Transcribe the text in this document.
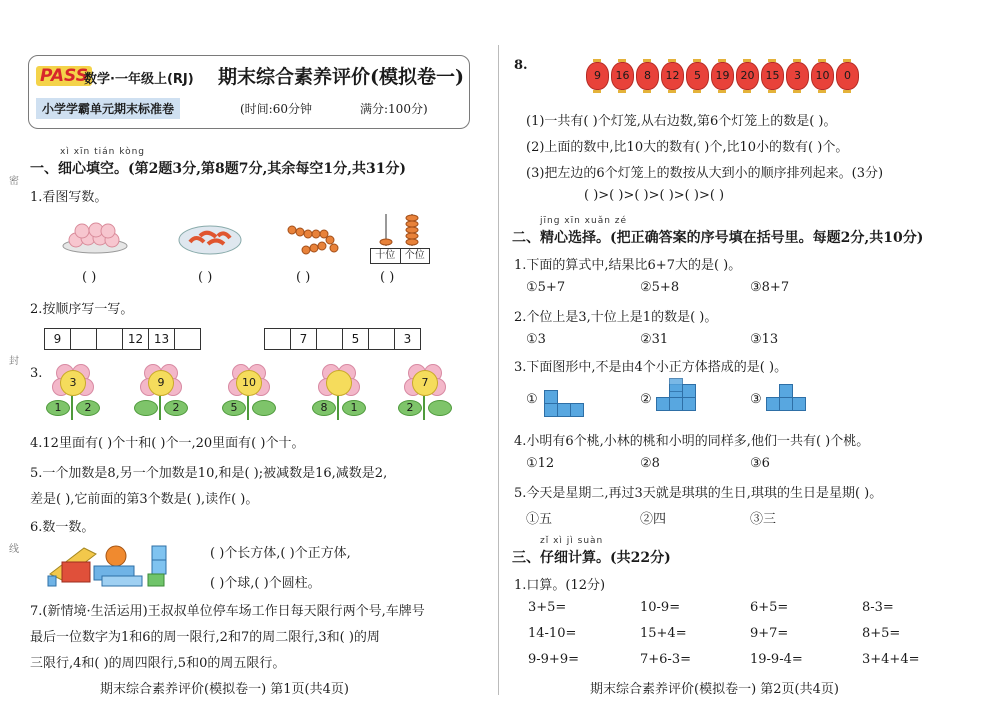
PASS
数学·一年级上(RJ) 期末综合素养评价(模拟卷一)
小学学霸单元期末标准卷	(时间:60分钟	满分:100分)
密
封
线
xì xīn tián kòng
一、细心填空。(第2题3分,第8题7分,其余每空1分,共31分)
1.看图写数。
十位 个位
( )	( )	( )	( )
2.按顺序写一写。
9	12 13	7	5	3
3.
3
1	2
9
2
10
5	8	1
7
2
4.12里面有( )个十和( )个一,20里面有( )个十。
5.一个加数是8,另一个加数是10,和是( );被减数是16,减数是2,
差是( ),它前面的第3个数是( ),读作( )。
6.数一数。
( )个长方体,( )个正方体,
( )个球,( )个圆柱。
7.(新情境·生活运用)王叔叔单位停车场工作日每天限行两个号,车牌号
最后一位数字为1和6的周一限行,2和7的周二限行,3和( )的周
三限行,4和( )的周四限行,5和0的周五限行。
期末综合素养评价(模拟卷一) 第1页(共4页)
8.
9	16	8	12	5	19	20	15	3	10	0
(1)一共有( )个灯笼,从右边数,第6个灯笼上的数是( )。
(2)上面的数中,比10大的数有( )个,比10小的数有( )个。
(3)把左边的6个灯笼上的数按从大到小的顺序排列起来。(3分)
( )>( )>( )>( )>( )>( )
jīng xīn xuǎn zé
二、精心选择。(把正确答案的序号填在括号里。每题2分,共10分)
1.下面的算式中,结果比6+7大的是( )。
①5+7	②5+8	③8+7
2.个位上是3,十位上是1的数是( )。
①3	②31	③13
3.下面图形中,不是由4个小正方体搭成的是( )。
①	②	③
4.小明有6个桃,小林的桃和小明的同样多,他们一共有( )个桃。
①12	②8	③6
5.今天是星期二,再过3天就是琪琪的生日,琪琪的生日是星期( )。
①五	②四	③三
zǐ xì jì suàn
三、仔细计算。(共22分)
1.口算。(12分)
3+5=	10-9=	6+5=	8-3=
14-10=	15+4=	9+7=	8+5=
9-9+9=	7+6-3=	19-9-4=	3+4+4=
期末综合素养评价(模拟卷一) 第2页(共4页)
